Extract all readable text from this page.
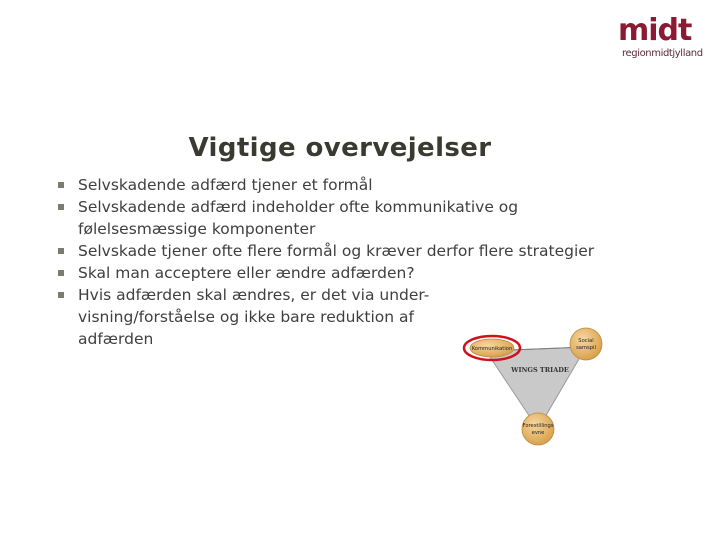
midt
regionmidtjylland
Vigtige overvejelser
Selvskadende adfærd tjener et formål
Selvskadende adfærd indeholder ofte kommunikative og følelsesmæssige komponenter
Selvskade tjener ofte flere formål og kræver derfor flere strategier
Skal man acceptere eller ændre adfærden?
Hvis adfærden skal ændres, er det via under-visning/forståelse og ikke bare reduktion af adfærden
WINGS TRIADE
Kommunikation
Social
samspil
Forestillings
evne
